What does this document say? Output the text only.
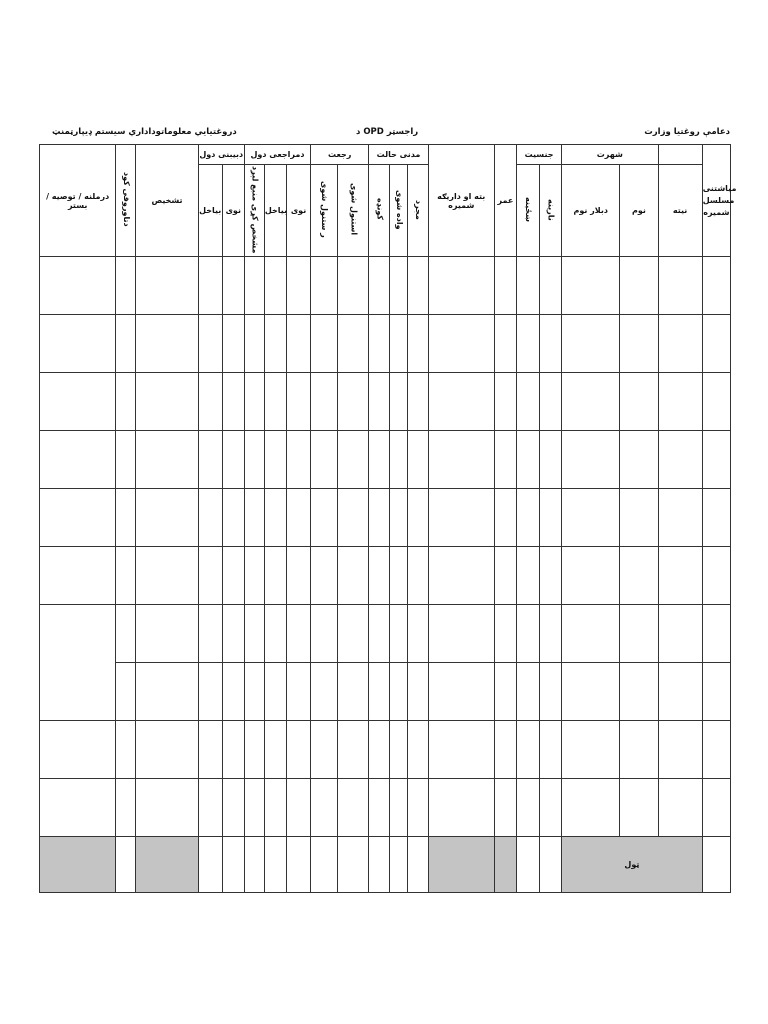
دعامې روغتيا وزارت
د OPD راجسټر
دروغتيايي معلوماتوداداري سيستم ډيپارټمنټ
درملنه / توصيه / بستر	دتاوروقى كود	تشخيص	دبيبنى دول		دمراجعى دول			رجعت		مدنى حالت			بته او داريګه شميره	عمر	جنسيت		شهرت			مياشتنى مسلسل شميره

			بياخل	نوى	مشخص کړی منبع لېږد	بياخل	نوى	ر ستنول شوى	استنول شوى	كونډه	واده شوى	مجرد			ښځينه	نارينه	دبلار نوم	نوم	نيته	

																	ټول			
